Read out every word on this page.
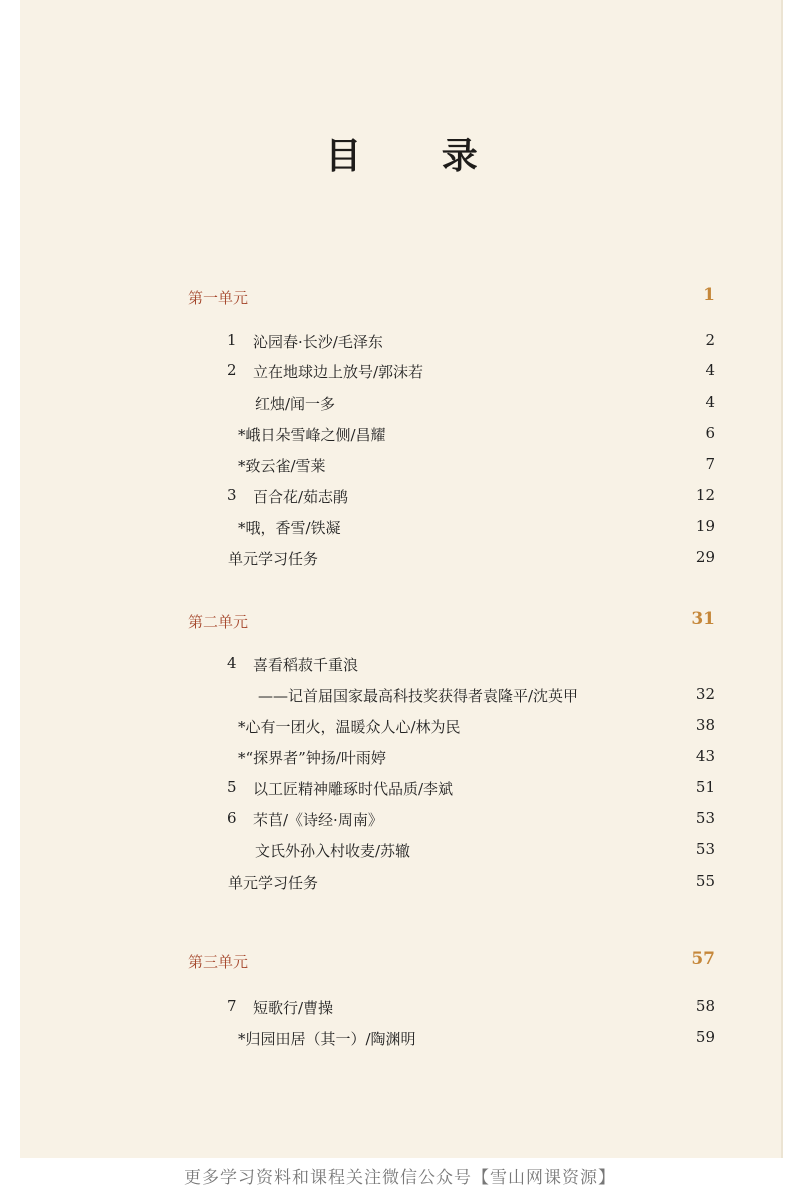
目 录
第一单元	1
1 沁园春·长沙/毛泽东	2
2 立在地球边上放号/郭沫若	4
红烛/闻一多	4
*峨日朵雪峰之侧/昌耀	6
*致云雀/雪莱	7
3 百合花/茹志鹃	12
*哦，香雪/铁凝	19
单元学习任务	29
第二单元	31
4 喜看稻菽千重浪
——记首届国家最高科技奖获得者袁隆平/沈英甲	32
*心有一团火，温暖众人心/林为民	38
*“探界者”钟扬/叶雨婷	43
5 以工匠精神雕琢时代品质/李斌	51
6 芣苢/《诗经·周南》	53
文氏外孙入村收麦/苏辙	53
单元学习任务	55
第三单元	57
7 短歌行/曹操	58
*归园田居（其一）/陶渊明	59
更多学习资料和课程关注微信公众号【雪山网课资源】
